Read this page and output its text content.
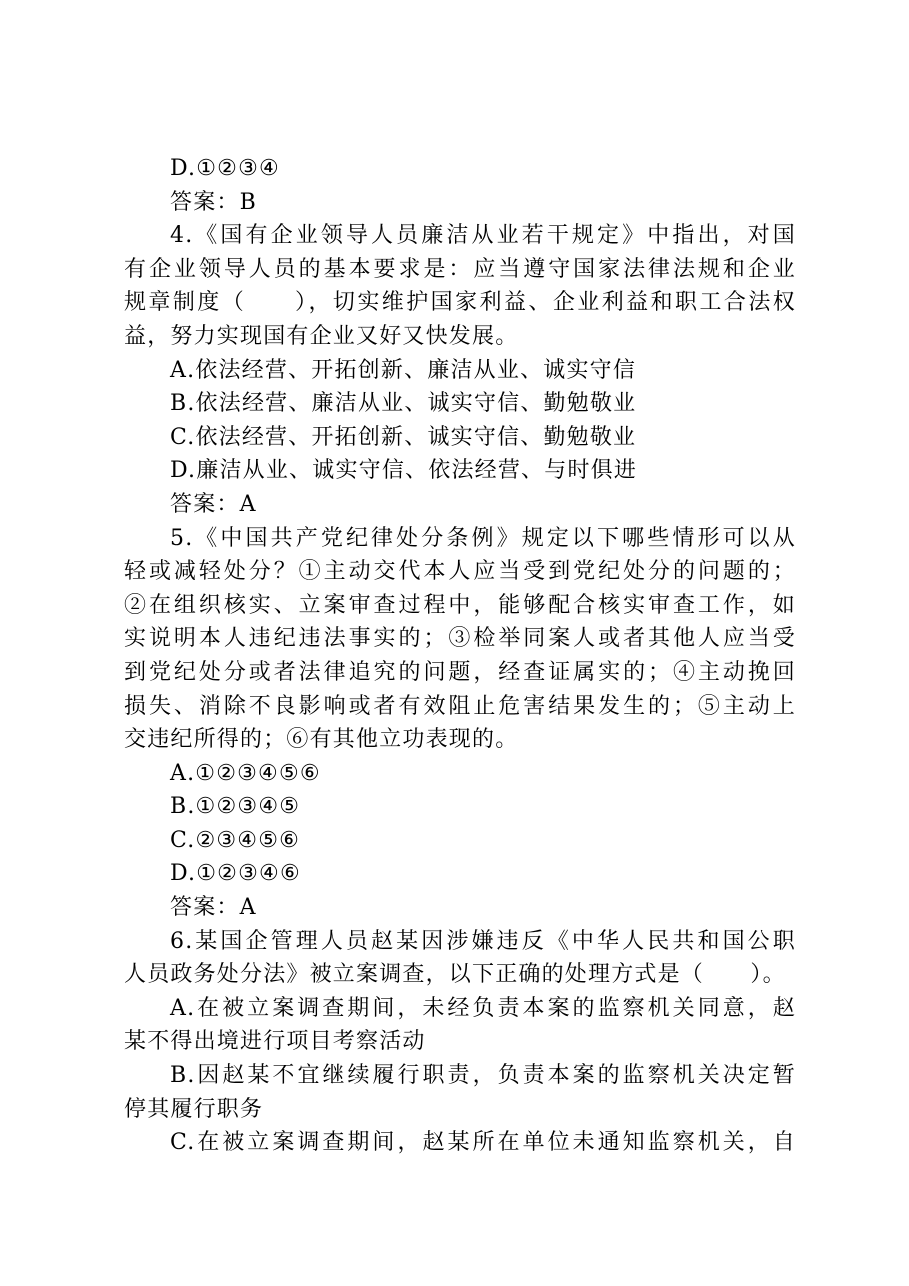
D.①②③④
答案：B
4.《国有企业领导人员廉洁从业若干规定》中指出，对国
有企业领导人员的基本要求是：应当遵守国家法律法规和企业
规章制度（　　），切实维护国家利益、企业利益和职工合法权
益，努力实现国有企业又好又快发展。
A.依法经营、开拓创新、廉洁从业、诚实守信
B.依法经营、廉洁从业、诚实守信、勤勉敬业
C.依法经营、开拓创新、诚实守信、勤勉敬业
D.廉洁从业、诚实守信、依法经营、与时俱进
答案：A
5.《中国共产党纪律处分条例》规定以下哪些情形可以从
轻或减轻处分？①主动交代本人应当受到党纪处分的问题的；
②在组织核实、立案审查过程中，能够配合核实审查工作，如
实说明本人违纪违法事实的；③检举同案人或者其他人应当受
到党纪处分或者法律追究的问题，经查证属实的；④主动挽回
损失、消除不良影响或者有效阻止危害结果发生的；⑤主动上
交违纪所得的；⑥有其他立功表现的。
A.①②③④⑤⑥
B.①②③④⑤
C.②③④⑤⑥
D.①②③④⑥
答案：A
6.某国企管理人员赵某因涉嫌违反《中华人民共和国公职
人员政务处分法》被立案调查，以下正确的处理方式是（　　）。
A.在被立案调查期间，未经负责本案的监察机关同意，赵
某不得出境进行项目考察活动
B.因赵某不宜继续履行职责，负责本案的监察机关决定暂
停其履行职务
C.在被立案调查期间，赵某所在单位未通知监察机关，自
